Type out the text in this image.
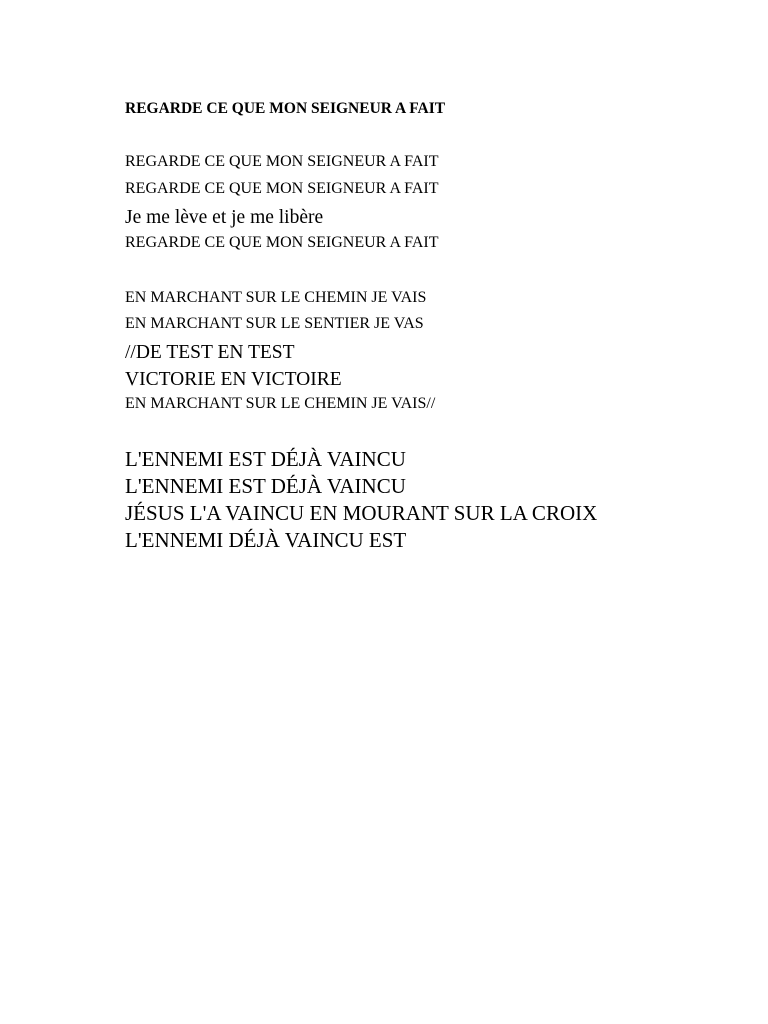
REGARDE CE QUE MON SEIGNEUR A FAIT
REGARDE CE QUE MON SEIGNEUR A FAIT
REGARDE CE QUE MON SEIGNEUR A FAIT
Je me lève et je me libère
REGARDE CE QUE MON SEIGNEUR A FAIT
EN MARCHANT SUR LE CHEMIN JE VAIS
EN MARCHANT SUR LE SENTIER JE VAS
//DE TEST EN TEST
VICTORIE EN VICTOIRE
EN MARCHANT SUR LE CHEMIN JE VAIS//
L'ENNEMI EST DÉJÀ VAINCU
L'ENNEMI EST DÉJÀ VAINCU
JÉSUS L'A VAINCU EN MOURANT SUR LA CROIX
L'ENNEMI DÉJÀ VAINCU EST
